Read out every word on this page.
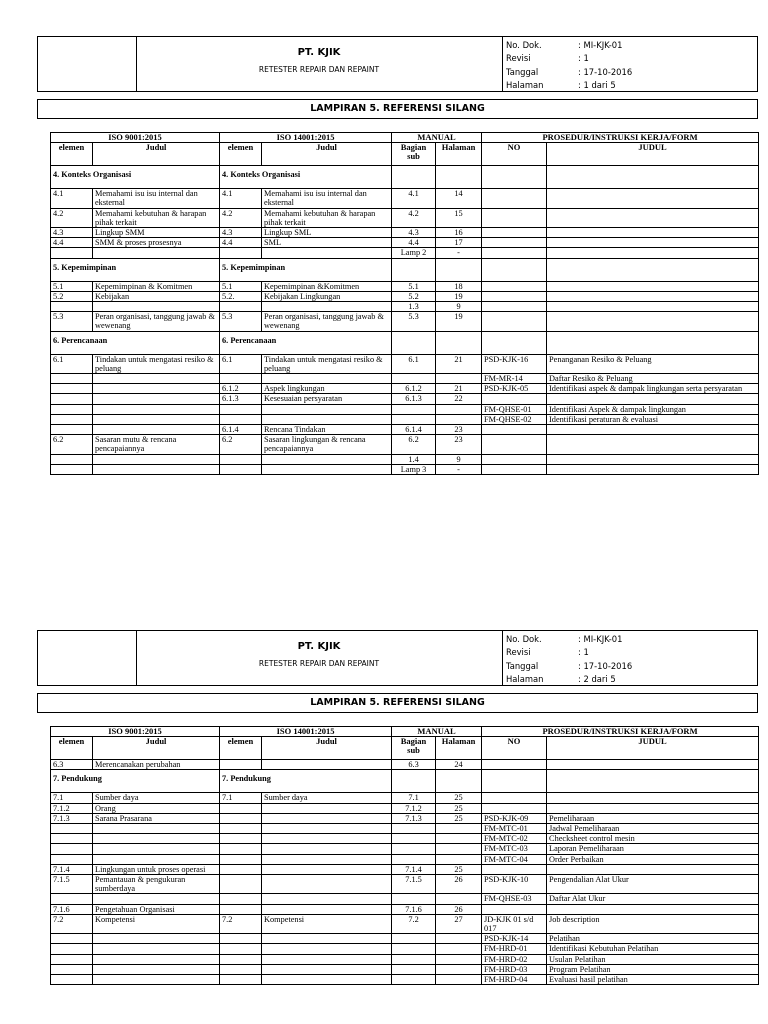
PT. KJIK
RETESTER REPAIR DAN REPAINT
No. Dok.	: MI-KJK-01
Revisi	: 1
Tanggal	: 17-10-2016
Halaman	: 1 dari 5
LAMPIRAN 5. REFERENSI SILANG
ISO 9001:2015		ISO 14001:2015		MANUAL		PROSEDUR/INSTRUKSI KERJA/FORM	
elemen	Judul	elemen	Judul	Bagian sub	Halaman	NO	JUDUL
4. Konteks Organisasi		4. Konteks Organisasi					
4.1	Memahami isu isu internal dan eksternal	4.1	Memahami isu isu internal dan eksternal	4.1	14		
4.2	Memahami kebutuhan & harapan pihak terkait	4.2	Memahami kebutuhan & harapan pihak terkait	4.2	15		
4.3	Lingkup SMM	4.3	Lingkup SML	4.3	16		
4.4	SMM & proses prosesnya	4.4	SML	4.4	17		
				Lamp 2	-		
5. Kepemimpinan		5. Kepemimpinan					
5.1	Kepemimpinan & Komitmen	5.1	Kepemimpinan &Komitmen	5.1	18		
5.2	Kebijakan	5.2.	Kebijakan Lingkungan	5.2	19		
				1.3	9		
5.3	Peran organisasi, tanggung jawab & wewenang	5.3	Peran organisasi, tanggung jawab & wewenang	5.3	19		
6. Perencanaan		6. Perencanaan					
6.1	Tindakan untuk mengatasi resiko & peluang	6.1	Tindakan untuk mengatasi resiko & peluang	6.1	21	PSD-KJK-16	Penanganan Resiko & Peluang
						FM-MR-14	Daftar Resiko & Peluang
		6.1.2	Aspek lingkungan	6.1.2	21	PSD-KJK-05	Identifikasi aspek & dampak lingkungan serta persyaratan
		6.1.3	Kesesuaian persyaratan	6.1.3	22		
						FM-QHSE-01	Identifikasi Aspek & dampak lingkungan
						FM-QHSE-02	Identifikasi peraturan & evaluasi
		6.1.4	Rencana Tindakan	6.1.4	23		
6.2	Sasaran mutu & rencana pencapaiannya	6.2	Sasaran lingkungan & rencana pencapaiannya	6.2	23		
				1.4	9		
				Lamp 3	-		
PT. KJIK
RETESTER REPAIR DAN REPAINT
No. Dok.	: MI-KJK-01
Revisi	: 1
Tanggal	: 17-10-2016
Halaman	: 2 dari 5
LAMPIRAN 5. REFERENSI SILANG
ISO 9001:2015		ISO 14001:2015		MANUAL		PROSEDUR/INSTRUKSI KERJA/FORM	
elemen	Judul	elemen	Judul	Bagian sub	Halaman	NO	JUDUL
6.3	Merencanakan perubahan			6.3	24		
7. Pendukung		7. Pendukung					
7.1	Sumber daya	7.1	Sumber daya	7.1	25		
7.1.2	Orang			7.1.2	25		
7.1.3	Sarana Prasarana			7.1.3	25	PSD-KJK-09	Pemeliharaan
						FM-MTC-01	Jadwal Pemeliharaan
						FM-MTC-02	Checksheet control mesin
						FM-MTC-03	Laporan Pemeliharaan
						FM-MTC-04	Order Perbaikan
7.1.4	Lingkungan untuk proses operasi			7.1.4	25		
7.1.5	Pemantauan & pengukuran sumberdaya			7.1.5	26	PSD-KJK-10	Pengendalian Alat Ukur
						FM-QHSE-03	Daftar Alat Ukur
7.1.6	Pengetahuan Organisasi			7.1.6	26		
7.2	Kompetensi	7.2	Kompetensi	7.2	27	JD-KJK 01 s/d 017	Job description
						PSD-KJK-14	Pelatihan
						FM-HRD-01	Identifikasi Kebutuhan Pelatihan
						FM-HRD-02	Usulan Pelatihan
						FM-HRD-03	Program Pelatihan
						FM-HRD-04	Evaluasi hasil pelatihan
